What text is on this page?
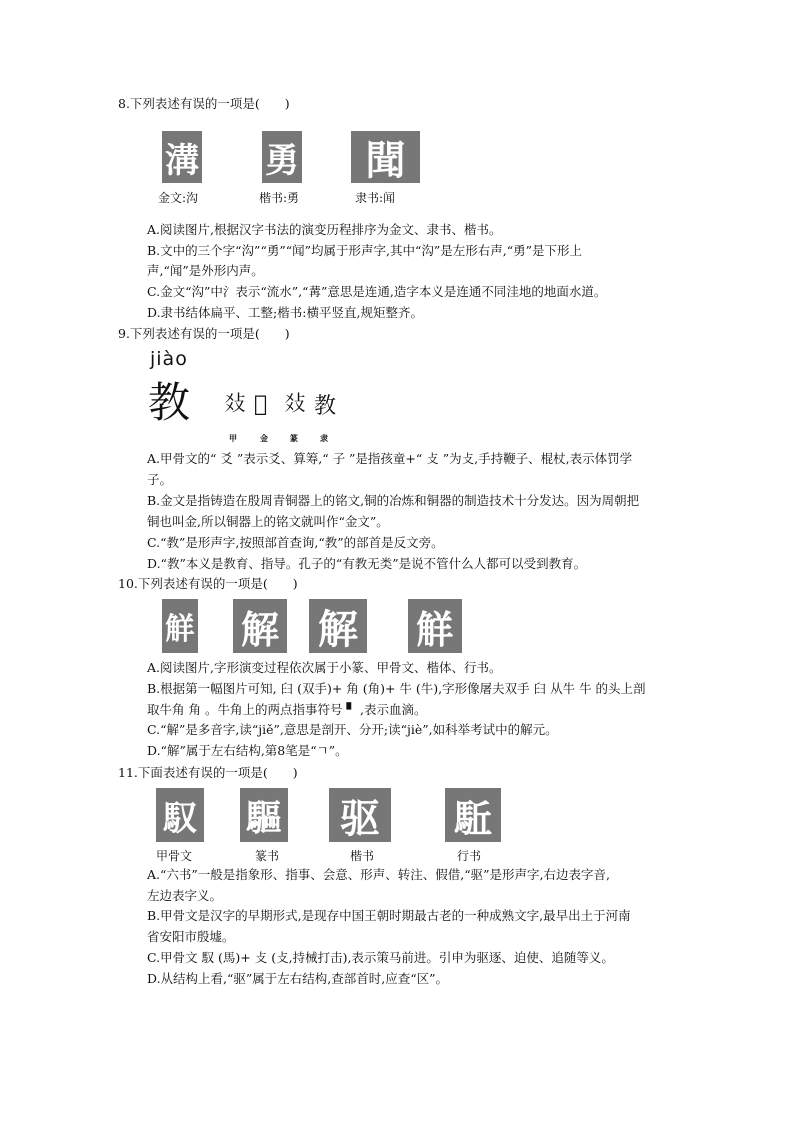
8.下列表述有误的一项是(　　)
溝 勇	聞
金文:沟	楷书:勇	隶书:闻
A.阅读图片,根据汉字书法的演变历程排序为金文、隶书、楷书。
B.文中的三个字“沟”“勇”“闻”均属于形声字,其中“沟”是左形右声,“勇”是下形上
声,“闻”是外形内声。
C.金文“沟”中氵表示“流水”,“冓”意思是连通,造字本义是连通不同洼地的地面水道。
D.隶书结体扁平、工整;楷书:横平竖直,规矩整齐。
9.下列表述有误的一项是(　　)
jiào
教 𤕝 𢽈 𤕝 教
甲	金	篆	隶
A.甲骨文的“ 爻 ”表示爻、算筹,“ 子 ”是指孩童+“ 攴 ”为攴,手持鞭子、棍杖,表示体罚学
子。
B.金文是指铸造在殷周青铜器上的铭文,铜的冶炼和铜器的制造技术十分发达。因为周朝把
铜也叫金,所以铜器上的铭文就叫作“金文”。
C.“教”是形声字,按照部首查询,“教”的部首是反文旁。
D.“教”本义是教育、指导。孔子的“有教无类”是说不管什么人都可以受到教育。
10.下列表述有误的一项是(　　)
觧 解 解 觧
A.阅读图片,字形演变过程依次属于小篆、甲骨文、楷体、行书。
B.根据第一幅图片可知, 𦥑 (双手)+ 角 (角)+ 牛 (牛),字形像屠夫双手 𦥑 从牛 牛 的头上剖
取牛角 角 。牛角上的两点指事符号 ▘ ,表示血滴。
C.“解”是多音字,读“jiě”,意思是剖开、分开;读“jiè”,如科举考试中的解元。
D.“解”属于左右结构,第8笔是“ㄱ”。
11.下面表述有误的一项是(　　)
馭 驅 驱 駈
甲骨文	篆书	楷书	行书
A.“六书”一般是指象形、指事、会意、形声、转注、假借,“驱”是形声字,右边表字音,
左边表字义。
B.甲骨文是汉字的早期形式,是现存中国王朝时期最古老的一种成熟文字,最早出土于河南
省安阳市殷墟。
C.甲骨文 馭 (馬)+ 攴 (攴,持械打击),表示策马前进。引申为驱逐、迫使、追随等义。
D.从结构上看,“驱”属于左右结构,查部首时,应查“区”。
